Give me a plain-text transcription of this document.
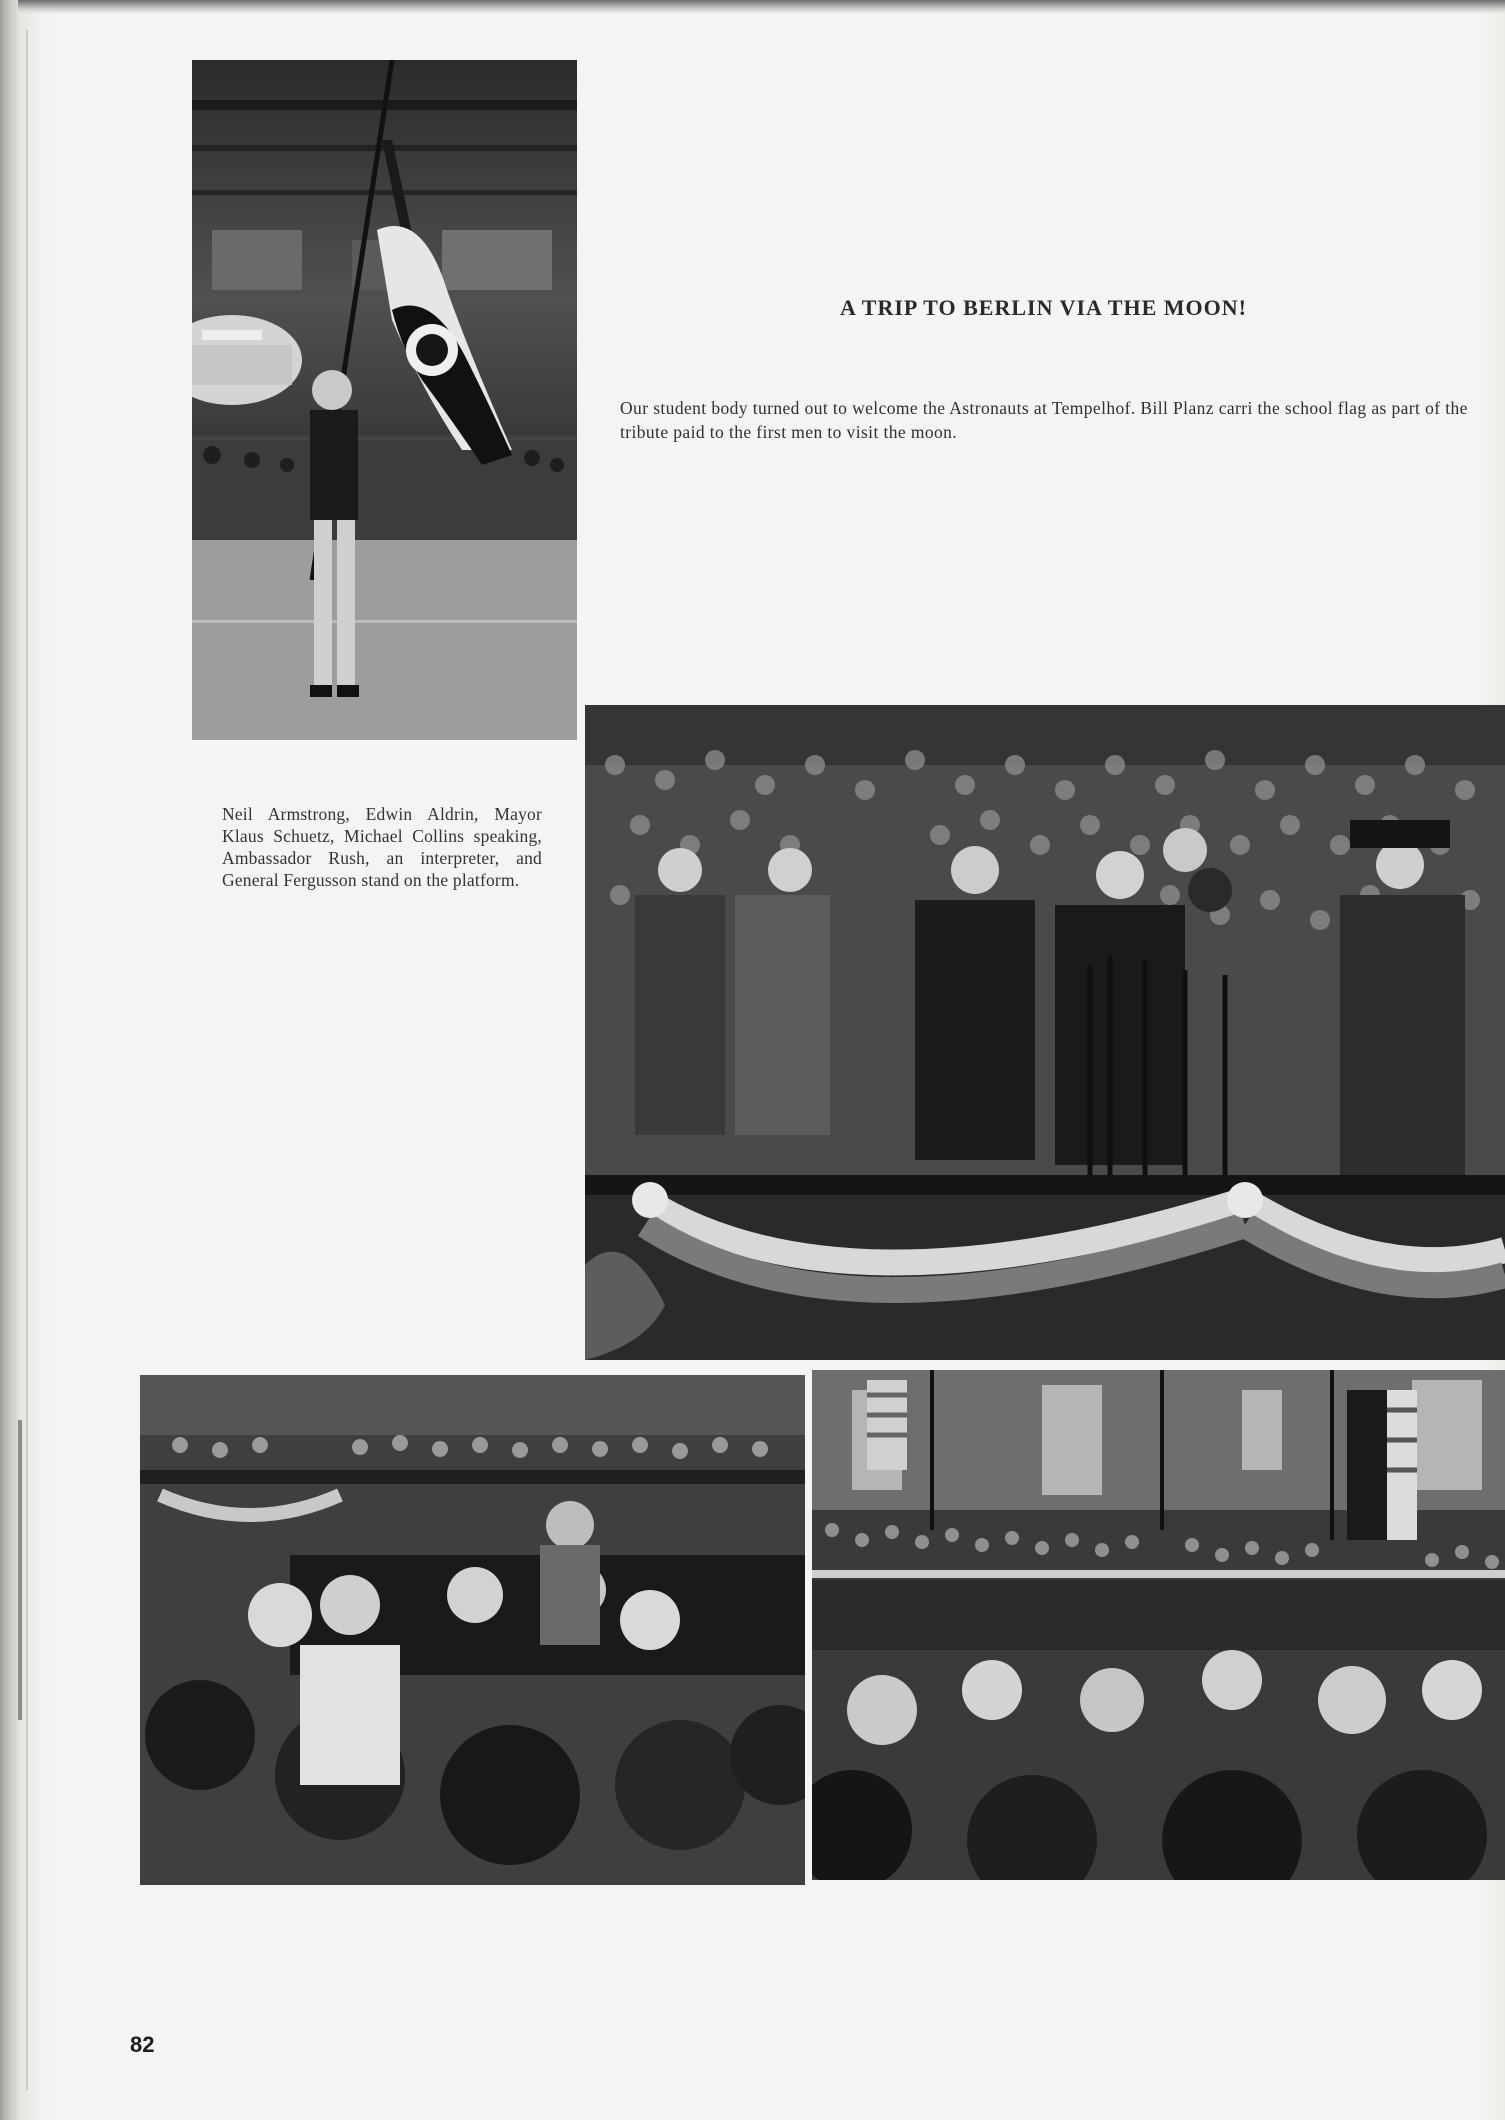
A TRIP TO BERLIN VIA THE MOON!

Our student body turned out to welcome the Astronauts at Tempelhof. Bill Planz carri the school flag as part of the tribute paid to the first men to visit the moon.

Neil Armstrong, Edwin Aldrin, Mayor Klaus Schuetz, Michael Collins speaking, Ambassador Rush, an interpreter, and General Fergusson stand on the platform.

82
